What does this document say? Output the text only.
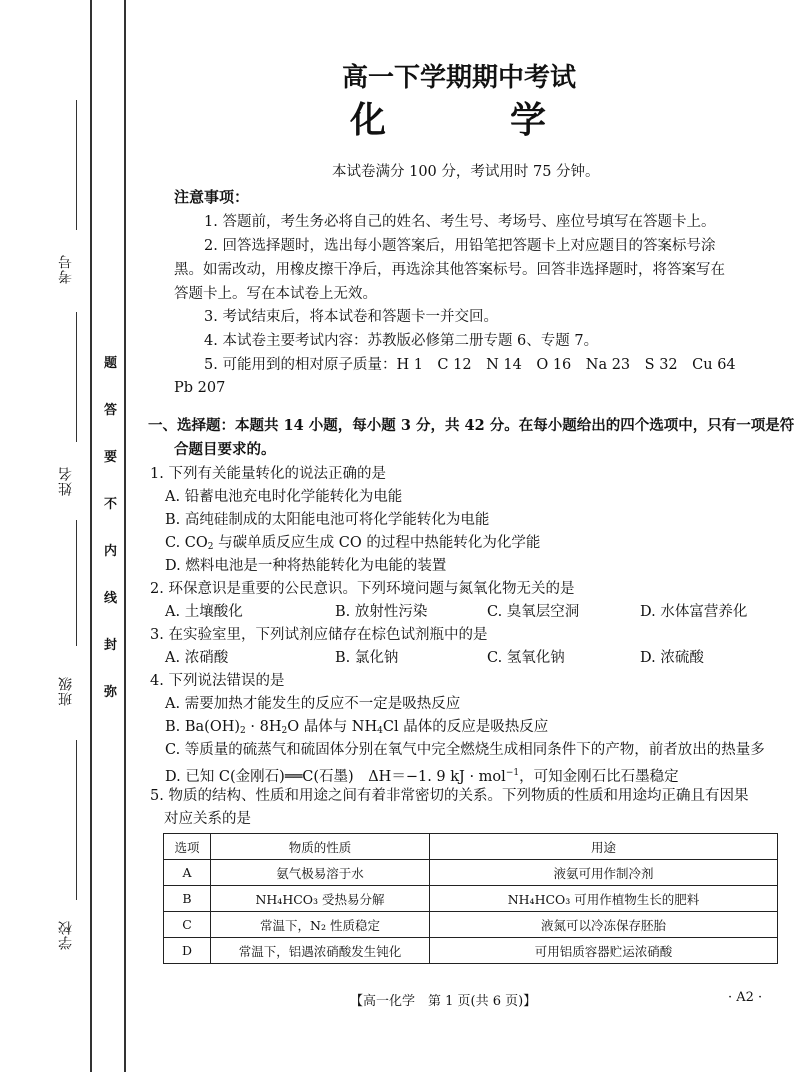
考号
姓名
班级
学校
题
答
要
不
内
线
封
弥
高一下学期期中考试
化　学
本试卷满分 100 分，考试用时 75 分钟。
注意事项：
1. 答题前，考生务必将自己的姓名、考生号、考场号、座位号填写在答题卡上。
2. 回答选择题时，选出每小题答案后，用铅笔把答题卡上对应题目的答案标号涂
黑。如需改动，用橡皮擦干净后，再选涂其他答案标号。回答非选择题时，将答案写在
答题卡上。写在本试卷上无效。
3. 考试结束后，将本试卷和答题卡一并交回。
4. 本试卷主要考试内容：苏教版必修第二册专题 6、专题 7。
5. 可能用到的相对原子质量：H 1　C 12　N 14　O 16　Na 23　S 32　Cu 64
Pb 207
一、选择题：本题共 14 小题，每小题 3 分，共 42 分。在每小题给出的四个选项中，只有一项是符
合题目要求的。
1. 下列有关能量转化的说法正确的是
A. 铅蓄电池充电时化学能转化为电能
B. 高纯硅制成的太阳能电池可将化学能转化为电能
C. $CO_2$ 与碳单质反应生成 CO 的过程中热能转化为化学能
D. 燃料电池是一种将热能转化为电能的装置
2. 环保意识是重要的公民意识。下列环境问题与氮氧化物无关的是
A. 土壤酸化	B. 放射性污染	C. 臭氧层空洞	D. 水体富营养化
3. 在实验室里，下列试剂应储存在棕色试剂瓶中的是
A. 浓硝酸	B. 氯化钠	C. 氢氧化钠	D. 浓硫酸
4. 下列说法错误的是
A. 需要加热才能发生的反应不一定是吸热反应
B. $Ba(OH)_2 \cdot 8H_2O$ 晶体与 $NH_4Cl$ 晶体的反应是吸热反应
C. 等质量的硫蒸气和硫固体分别在氧气中完全燃烧生成相同条件下的产物，前者放出的热量多
D. 已知 C(金刚石)══C(石墨)　ΔH＝−1. 9 kJ · mol$^{-1}$，可知金刚石比石墨稳定
5. 物质的结构、性质和用途之间有着非常密切的关系。下列物质的性质和用途均正确且有因果
对应关系的是
选项	物质的性质	用途
A	氨气极易溶于水	液氨可用作制冷剂
B	NH₄HCO₃ 受热易分解	NH₄HCO₃ 可用作植物生长的肥料
C	常温下，N₂ 性质稳定	液氮可以冷冻保存胚胎
D	常温下，铝遇浓硝酸发生钝化	可用铝质容器贮运浓硝酸
【高一化学　第 1 页(共 6 页)】	· A2 ·
